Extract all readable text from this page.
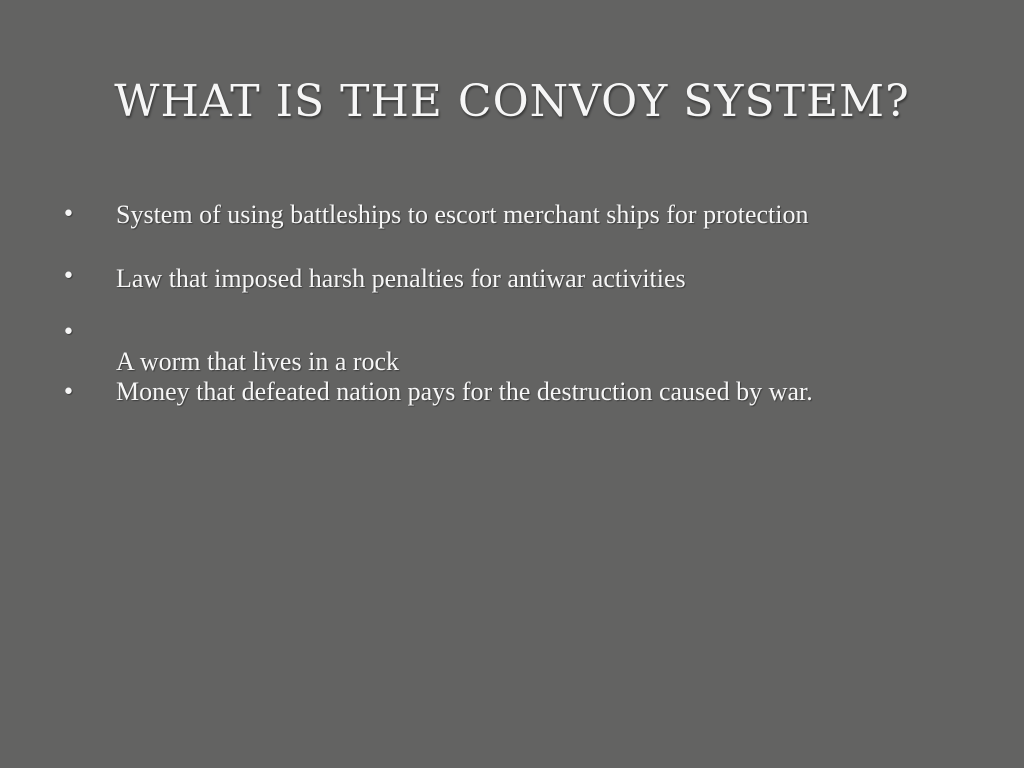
WHAT IS THE CONVOY SYSTEM?
• System of using battleships to escort merchant ships for protection
• Law that imposed harsh penalties for antiwar activities
•
A worm that lives in a rock
• Money that defeated nation pays for the destruction caused by war.
